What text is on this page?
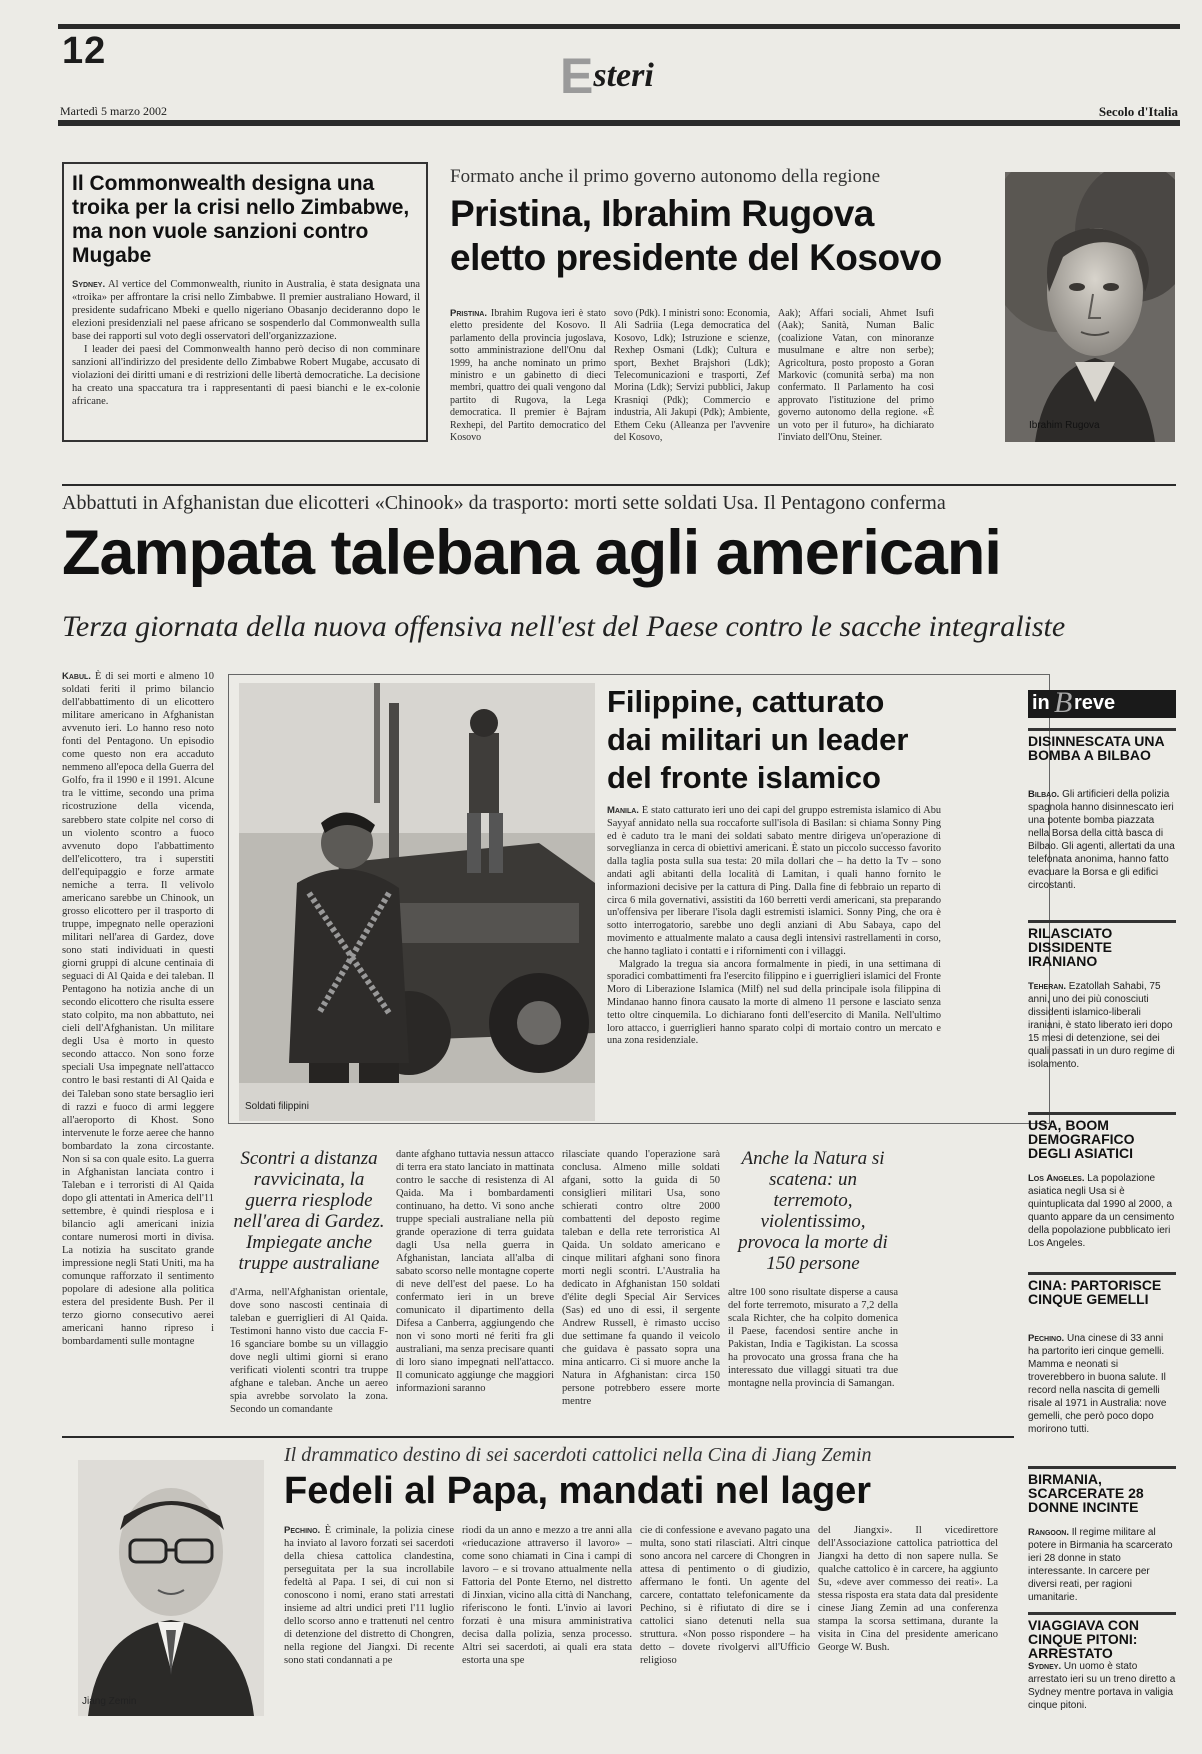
12	Esteri
Martedì 5 marzo 2002	Secolo d'Italia
Il Commonwealth designa una troika per la crisi nello Zimbabwe, ma non vuole sanzioni contro Mugabe
Sydney. Al vertice del Commonwealth, riunito in Australia, è stata designata una «troika» per affrontare la crisi nello Zimbabwe. Il premier australiano Howard, il presidente sudafricano Mbeki e quello nigeriano Obasanjo decideranno dopo le elezioni presidenziali nel paese africano se sospenderlo dal Commonwealth sulla base dei rapporti sul voto degli osservatori dell'organizzazione.
I leader dei paesi del Commonwealth hanno però deciso di non comminare sanzioni all'indirizzo del presidente dello Zimbabwe Robert Mugabe, accusato di violazioni dei diritti umani e di restrizioni delle libertà democratiche. La decisione ha creato una spaccatura tra i rappresentanti di paesi bianchi e le ex-colonie africane.
Formato anche il primo governo autonomo della regione
Pristina, Ibrahim Rugova eletto presidente del Kosovo
Pristina. Ibrahim Rugova ieri è stato eletto presidente del Kosovo. Il parlamento della provincia jugoslava, sotto amministrazione dell'Onu dal 1999, ha anche nominato un primo ministro e un gabinetto di dieci membri, quattro dei quali vengono dal partito di Rugova, la Lega democratica. Il premier è Bajram Rexhepi, del Partito democratico del Kosovo
sovo (Pdk). I ministri sono: Economia, Ali Sadriia (Lega democratica del Kosovo, Ldk); Istruzione e scienze, Rexhep Osmani (Ldk); Cultura e sport, Bexhet Brajshori (Ldk); Telecomunicazioni e trasporti, Zef Morina (Ldk); Servizi pubblici, Jakup Krasniqi (Pdk); Commercio e industria, Ali Jakupi (Pdk); Ambiente, Ethem Ceku (Alleanza per l'avvenire del Kosovo,
Aak); Affari sociali, Ahmet Isufi (Aak); Sanità, Numan Balic (coalizione Vatan, con minoranze musulmane e altre non serbe); Agricoltura, posto proposto a Goran Markovic (comunità serba) ma non confermato. Il Parlamento ha così approvato l'istituzione del primo governo autonomo della regione. «È un voto per il futuro», ha dichiarato l'inviato dell'Onu, Steiner.
Ibrahim Rugova
Abbattuti in Afghanistan due elicotteri «Chinook» da trasporto: morti sette soldati Usa. Il Pentagono conferma
Zampata talebana agli americani
Terza giornata della nuova offensiva nell'est del Paese contro le sacche integraliste
Kabul. È di sei morti e almeno 10 soldati feriti il primo bilancio dell'abbattimento di un elicottero militare americano in Afghanistan avvenuto ieri. Lo hanno reso noto fonti del Pentagono. Un episodio come questo non era accaduto nemmeno all'epoca della Guerra del Golfo, fra il 1990 e il 1991. Alcune tra le vittime, secondo una prima ricostruzione della vicenda, sarebbero state colpite nel corso di un violento scontro a fuoco avvenuto dopo l'abbattimento dell'elicottero, tra i superstiti dell'equipaggio e forze armate nemiche a terra. Il velivolo americano sarebbe un Chinook, un grosso elicottero per il trasporto di truppe, impegnato nelle operazioni militari nell'area di Gardez, dove sono stati individuati in questi giorni gruppi di alcune centinaia di seguaci di Al Qaida e dei taleban. Il Pentagono ha notizia anche di un secondo elicottero che risulta essere stato colpito, ma non abbattuto, nei cieli dell'Afghanistan. Un militare degli Usa è morto in questo secondo attacco. Non sono forze speciali Usa impegnate nell'attacco contro le basi restanti di Al Qaida e dei Taleban sono state bersaglio ieri di razzi e fuoco di armi leggere all'aeroporto di Khost. Sono intervenute le forze aeree che hanno bombardato la zona circostante. Non si sa con quale esito. La guerra in Afghanistan lanciata contro i Taleban e i terroristi di Al Qaida dopo gli attentati in America dell'11 settembre, è quindi riesplosa e i bilancio agli americani inizia contare numerosi morti in divisa. La notizia ha suscitato grande impressione negli Stati Uniti, ma ha comunque rafforzato il sentimento popolare di adesione alla politica estera del presidente Bush. Per il terzo giorno consecutivo aerei americani hanno ripreso i bombardamenti sulle montagne
Soldati filippini
Filippine, catturato dai militari un leader del fronte islamico
Manila. È stato catturato ieri uno dei capi del gruppo estremista islamico di Abu Sayyaf annidato nella sua roccaforte sull'isola di Basilan: si chiama Sonny Ping ed è caduto tra le mani dei soldati sabato mentre dirigeva un'operazione di sorveglianza in cerca di obiettivi americani. È stato un piccolo successo favorito dalla taglia posta sulla sua testa: 20 mila dollari che – ha detto la Tv – sono andati agli abitanti della località di Lamitan, i quali hanno fornito le informazioni decisive per la cattura di Ping. Dalla fine di febbraio un reparto di circa 6 mila governativi, assistiti da 160 berretti verdi americani, sta preparando un'offensiva per liberare l'isola dagli estremisti islamici. Sonny Ping, che ora è sotto interrogatorio, sarebbe uno degli anziani di Abu Sabaya, capo del movimento e attualmente malato a causa degli intensivi rastrellamenti in corso, che hanno tagliato i contatti e i rifornimenti con i villaggi.
Malgrado la tregua sia ancora formalmente in piedi, in una settimana di sporadici combattimenti fra l'esercito filippino e i guerriglieri islamici del Fronte Moro di Liberazione Islamica (Milf) nel sud della principale isola filippina di Mindanao hanno finora causato la morte di almeno 11 persone e lasciato senza tetto oltre cinquemila. Lo dichiarano fonti dell'esercito di Manila. Nell'ultimo loro attacco, i guerriglieri hanno sparato colpi di mortaio contro un mercato e una zona residenziale.
Scontri a distanza ravvicinata, la guerra riesplode nell'area di Gardez. Impiegate anche truppe australiane
d'Arma, nell'Afghanistan orientale, dove sono nascosti centinaia di taleban e guerriglieri di Al Qaida. Testimoni hanno visto due caccia F-16 sganciare bombe su un villaggio dove negli ultimi giorni si erano verificati violenti scontri tra truppe afghane e taleban. Anche un aereo spia avrebbe sorvolato la zona. Secondo un comandante
dante afghano tuttavia nessun attacco di terra era stato lanciato in mattinata contro le sacche di resistenza di Al Qaida. Ma i bombardamenti continuano, ha detto. Vi sono anche truppe speciali australiane nella più grande operazione di terra guidata dagli Usa nella guerra in Afghanistan, lanciata all'alba di sabato scorso nelle montagne coperte di neve dell'est del paese. Lo ha confermato ieri in un breve comunicato il dipartimento della Difesa a Canberra, aggiungendo che non vi sono morti né feriti fra gli australiani, ma senza precisare quanti di loro siano impegnati nell'attacco. Il comunicato aggiunge che maggiori informazioni saranno
rilasciate quando l'operazione sarà conclusa. Almeno mille soldati afgani, sotto la guida di 50 consiglieri militari Usa, sono schierati contro oltre 2000 combattenti del deposto regime taleban e della rete terroristica Al Qaida. Un soldato americano e cinque militari afghani sono finora morti negli scontri. L'Australia ha dedicato in Afghanistan 150 soldati d'élite degli Special Air Services (Sas) ed uno di essi, il sergente Andrew Russell, è rimasto ucciso due settimane fa quando il veicolo che guidava è passato sopra una mina anticarro. Ci si muore anche la Natura in Afghanistan: circa 150 persone potrebbero essere morte mentre
Anche la Natura si scatena: un terremoto, violentissimo, provoca la morte di 150 persone
altre 100 sono risultate disperse a causa del forte terremoto, misurato a 7,2 della scala Richter, che ha colpito domenica il Paese, facendosi sentire anche in Pakistan, India e Tagikistan. La scossa ha provocato una grossa frana che ha interessato due villaggi situati tra due montagne nella provincia di Samangan.
in B reve
DISINNESCATA UNA BOMBA A BILBAO
Bilbao. Gli artificieri della polizia spagnola hanno disinnescato ieri una potente bomba piazzata nella Borsa della città basca di Bilbao. Gli agenti, allertati da una telefonata anonima, hanno fatto evacuare la Borsa e gli edifici circostanti.
RILASCIATO DISSIDENTE IRANIANO
Teheran. Ezatollah Sahabi, 75 anni, uno dei più conosciuti dissidenti islamico-liberali iraniani, è stato liberato ieri dopo 15 mesi di detenzione, sei dei quali passati in un duro regime di isolamento.
USA, BOOM DEMOGRAFICO DEGLI ASIATICI
Los Angeles. La popolazione asiatica negli Usa si è quintuplicata dal 1990 al 2000, a quanto appare da un censimento della popolazione pubblicato ieri Los Angeles.
CINA: PARTORISCE CINQUE GEMELLI
Pechino. Una cinese di 33 anni ha partorito ieri cinque gemelli. Mamma e neonati si troverebbero in buona salute. Il record nella nascita di gemelli risale al 1971 in Australia: nove gemelli, che però poco dopo morirono tutti.
BIRMANIA, SCARCERATE 28 DONNE INCINTE
Rangoon. Il regime militare al potere in Birmania ha scarcerato ieri 28 donne in stato interessante. In carcere per diversi reati, per ragioni umanitarie.
VIAGGIAVA CON CINQUE PITONI: ARRESTATO
Sydney. Un uomo è stato arrestato ieri su un treno diretto a Sydney mentre portava in valigia cinque pitoni.
Jiang Zemin
Il drammatico destino di sei sacerdoti cattolici nella Cina di Jiang Zemin
Fedeli al Papa, mandati nel lager
Pechino. È criminale, la polizia cinese ha inviato al lavoro forzati sei sacerdoti della chiesa cattolica clandestina, perseguitata per la sua incrollabile fedeltà al Papa. I sei, di cui non si conoscono i nomi, erano stati arrestati insieme ad altri undici preti l'11 luglio dello scorso anno e trattenuti nel centro di detenzione del distretto di Chongren, nella regione del Jiangxi. Di recente sono stati condannati a pe
riodi da un anno e mezzo a tre anni alla «rieducazione attraverso il lavoro» – come sono chiamati in Cina i campi di lavoro – e si trovano attualmente nella Fattoria del Ponte Eterno, nel distretto di Jinxian, vicino alla città di Nanchang, riferiscono le fonti. L'invio ai lavori forzati è una misura amministrativa decisa dalla polizia, senza processo. Altri sei sacerdoti, ai quali era stata estorta una spe
cie di confessione e avevano pagato una multa, sono stati rilasciati. Altri cinque sono ancora nel carcere di Chongren in attesa di pentimento o di giudizio, affermano le fonti. Un agente del carcere, contattato telefonicamente da Pechino, si è rifiutato di dire se i cattolici siano detenuti nella sua struttura. «Non posso rispondere – ha detto – dovete rivolgervi all'Ufficio religioso
del Jiangxi». Il vicedirettore dell'Associazione cattolica patriottica del Jiangxi ha detto di non sapere nulla. Se qualche cattolico è in carcere, ha aggiunto Su, «deve aver commesso dei reati». La stessa risposta era stata data dal presidente cinese Jiang Zemin ad una conferenza stampa la scorsa settimana, durante la visita in Cina del presidente americano George W. Bush.
